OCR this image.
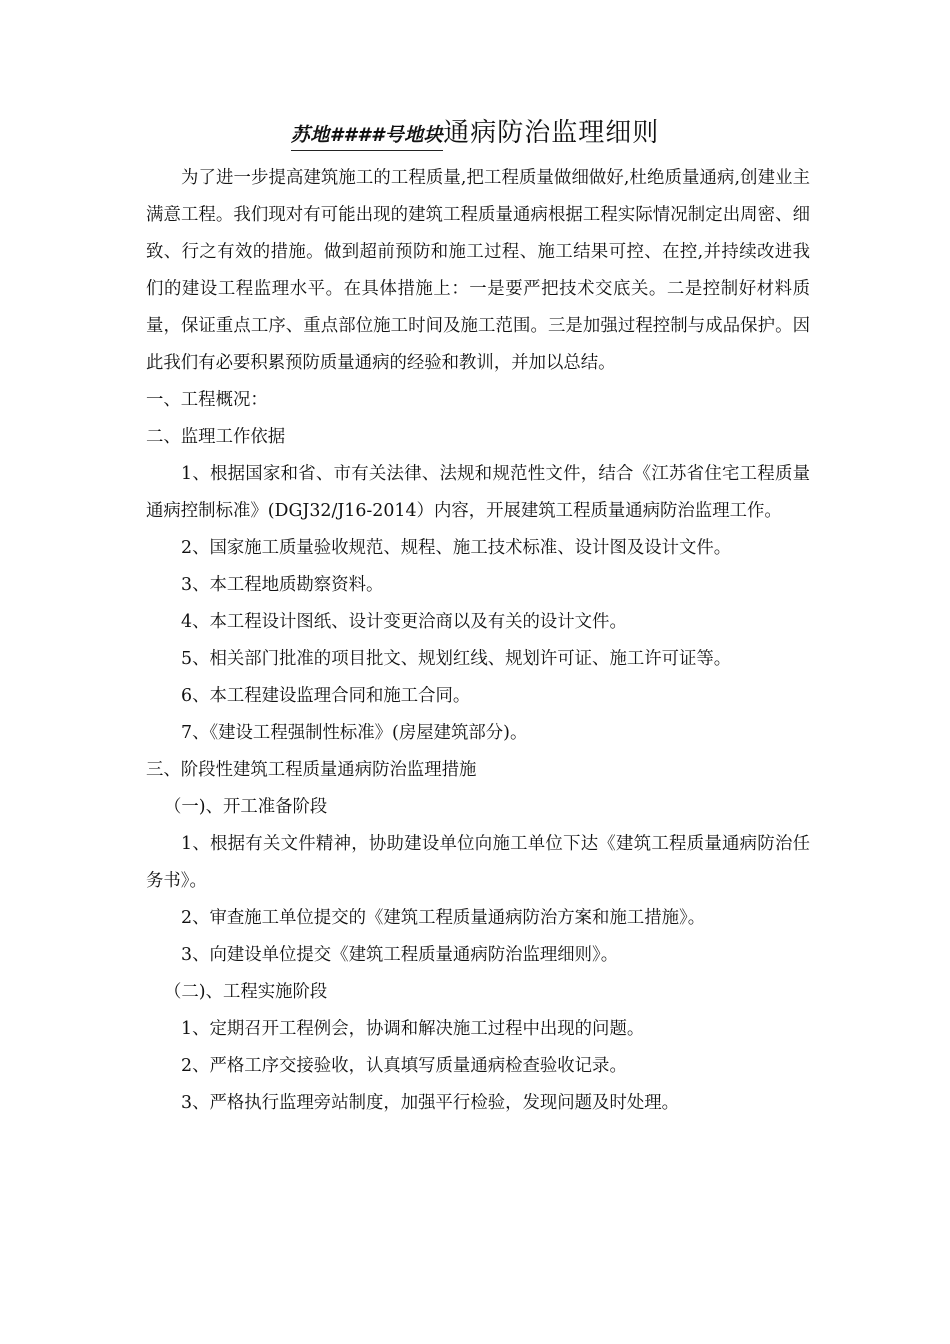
苏地####号地块通病防治监理细则

为了进一步提高建筑施工的工程质量,把工程质量做细做好,杜绝质量通病,创建业主满意工程。我们现对有可能出现的建筑工程质量通病根据工程实际情况制定出周密、细致、行之有效的措施。做到超前预防和施工过程、施工结果可控、在控,并持续改进我们的建设工程监理水平。在具体措施上：一是要严把技术交底关。二是控制好材料质量，保证重点工序、重点部位施工时间及施工范围。三是加强过程控制与成品保护。因此我们有必要积累预防质量通病的经验和教训，并加以总结。

一、工程概况：

二、监理工作依据

1、根据国家和省、市有关法律、法规和规范性文件，结合《江苏省住宅工程质量通病控制标准》(DGJ32/J16-2014）内容，开展建筑工程质量通病防治监理工作。

2、国家施工质量验收规范、规程、施工技术标准、设计图及设计文件。

3、本工程地质勘察资料。

4、本工程设计图纸、设计变更洽商以及有关的设计文件。

5、相关部门批准的项目批文、规划红线、规划许可证、施工许可证等。

6、本工程建设监理合同和施工合同。

7、《建设工程强制性标准》(房屋建筑部分)。

三、阶段性建筑工程质量通病防治监理措施

（一)、开工准备阶段

1、根据有关文件精神，协助建设单位向施工单位下达《建筑工程质量通病防治任务书》。

2、审查施工单位提交的《建筑工程质量通病防治方案和施工措施》。

3、向建设单位提交《建筑工程质量通病防治监理细则》。

（二)、工程实施阶段

1、定期召开工程例会，协调和解决施工过程中出现的问题。

2、严格工序交接验收，认真填写质量通病检查验收记录。

3、严格执行监理旁站制度，加强平行检验，发现问题及时处理。
